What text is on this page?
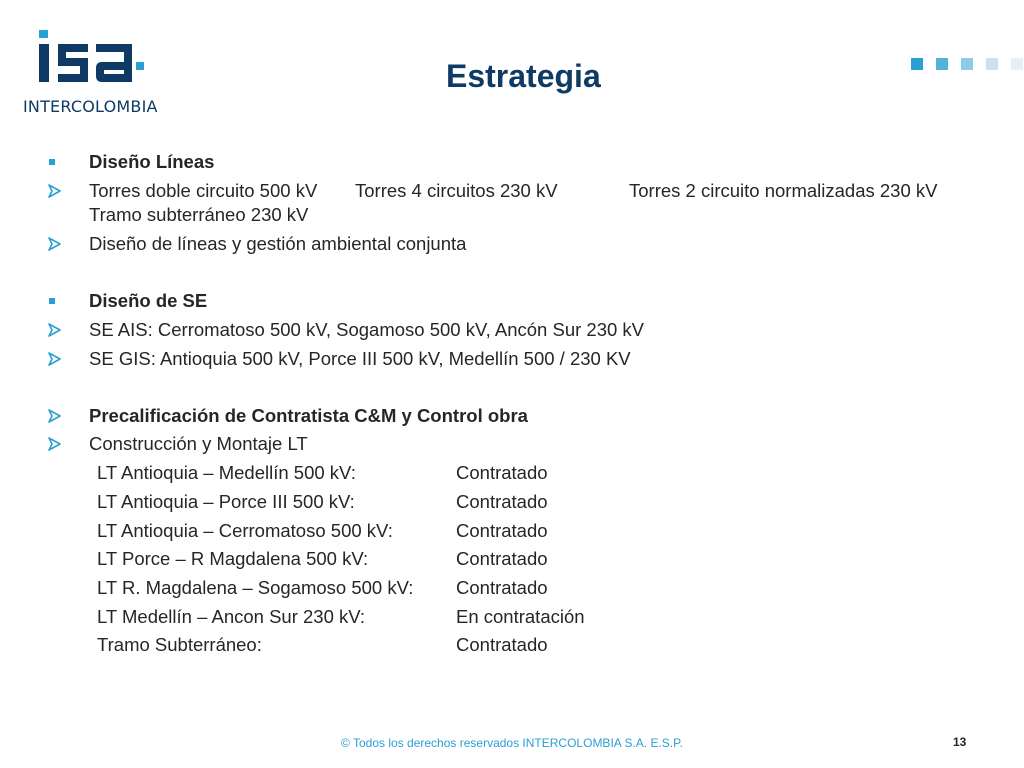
INTERCOLOMBIA
Estrategia
Diseño Líneas
Torres doble circuito 500 kV Torres 4 circuitos 230 kV	Torres 2 circuito normalizadas 230 kV
Tramo subterráneo 230 kV
Diseño de líneas y gestión ambiental conjunta
Diseño de SE
SE AIS: Cerromatoso 500 kV, Sogamoso 500 kV, Ancón Sur 230 kV
SE GIS: Antioquia 500 kV, Porce III 500 kV, Medellín 500 / 230 KV
Precalificación de Contratista C&M y Control obra
Construcción y Montaje LT
LT Antioquia – Medellín 500 kV:	Contratado
LT Antioquia – Porce III 500 kV:	Contratado
LT Antioquia – Cerromatoso 500 kV:	Contratado
LT Porce – R Magdalena 500 kV:	Contratado
LT R. Magdalena – Sogamoso 500 kV: Contratado
LT Medellín – Ancon Sur 230 kV:	En contratación
Tramo Subterráneo:	Contratado
© Todos los derechos reservados INTERCOLOMBIA S.A. E.S.P.	13
